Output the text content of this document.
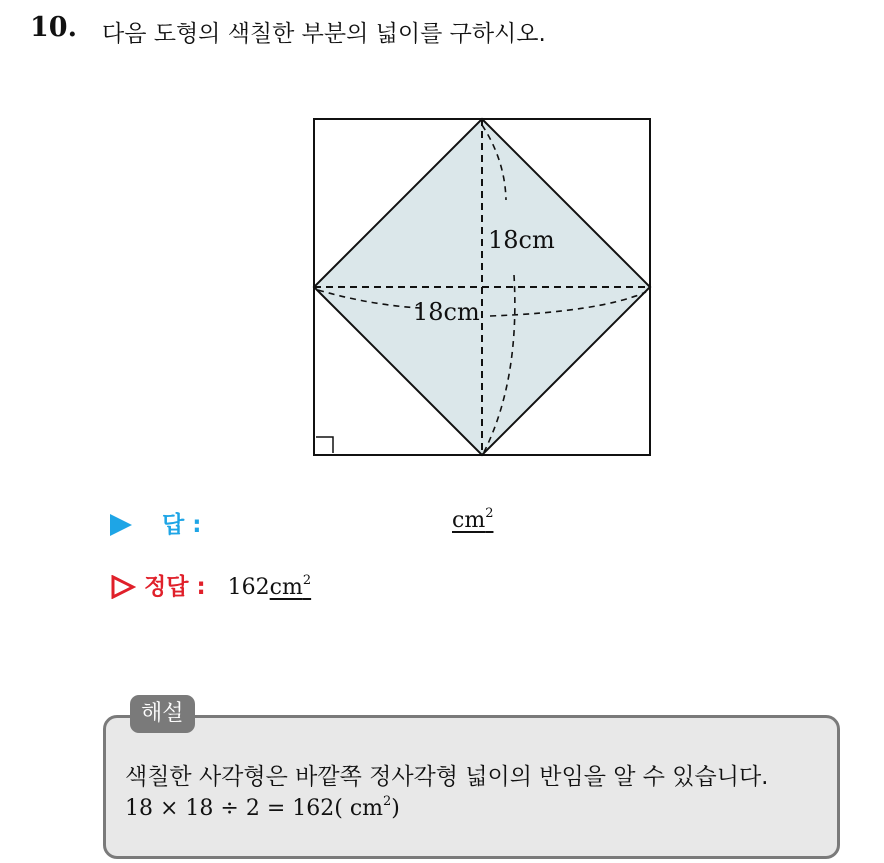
10. 다음 도형의 색칠한 부분의 넓이를 구하시오.
18cm
18cm
답 :	$cm^2$
정답 : 162 $cm^2$
해설
색칠한 사각형은 바깥쪽 정사각형 넓이의 반임을 알 수 있습니다.
18 × 18 ÷ 2 = 162( $cm^2$)
